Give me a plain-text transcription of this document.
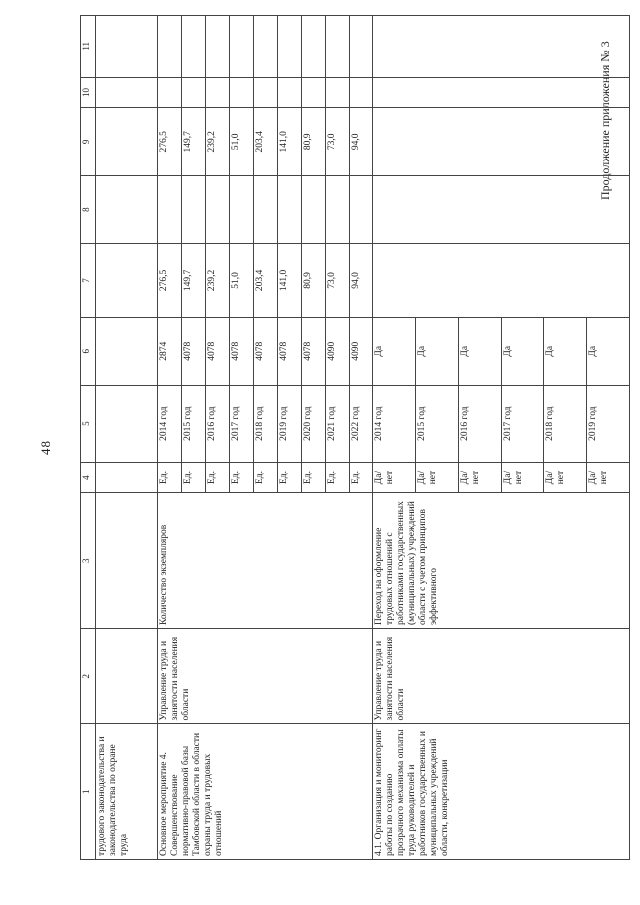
48
Продолжение приложения № 3
1	2	3	4	5	6	7	8	9	10	11
трудового законодательства и законодательства по охране труда										
Основное мероприятие 4. Совершенствование нормативно-правовой базы Тамбовской области в области охраны труда и трудовых отношений	Управление труда и занятости населения области	Количество экземпляров	Ед.	2014 год	2874	276,5		276,5		
			Ед.	2015 год	4078	149,7		149,7		
			Ед.	2016 год	4078	239,2		239,2		
			Ед.	2017 год	4078	51,0		51,0		
			Ед.	2018 год	4078	203,4		203,4		
			Ед.	2019 год	4078	141,0		141,0		
			Ед.	2020 год	4078	80,9		80,9		
			Ед.	2021 год	4090	73,0		73,0		
			Ед.	2022 год	4090	94,0		94,0		
4.1. Организация и мониторинг работы по созданию прозрачного механизма оплаты труда руководителей и работников государственных и муниципальных учреждений области, конкретизации	Управление труда и занятости населения области	Переход на оформление трудовых отношений с работниками государственных (муниципальных) учреждений области с учетом принципов эффективного	Да/ нет	2014 год	Да					
			Да/ нет	2015 год	Да					
			Да/ нет	2016 год	Да					
			Да/ нет	2017 год	Да					
			Да/ нет	2018 год	Да					
			Да/ нет	2019 год	Да					
